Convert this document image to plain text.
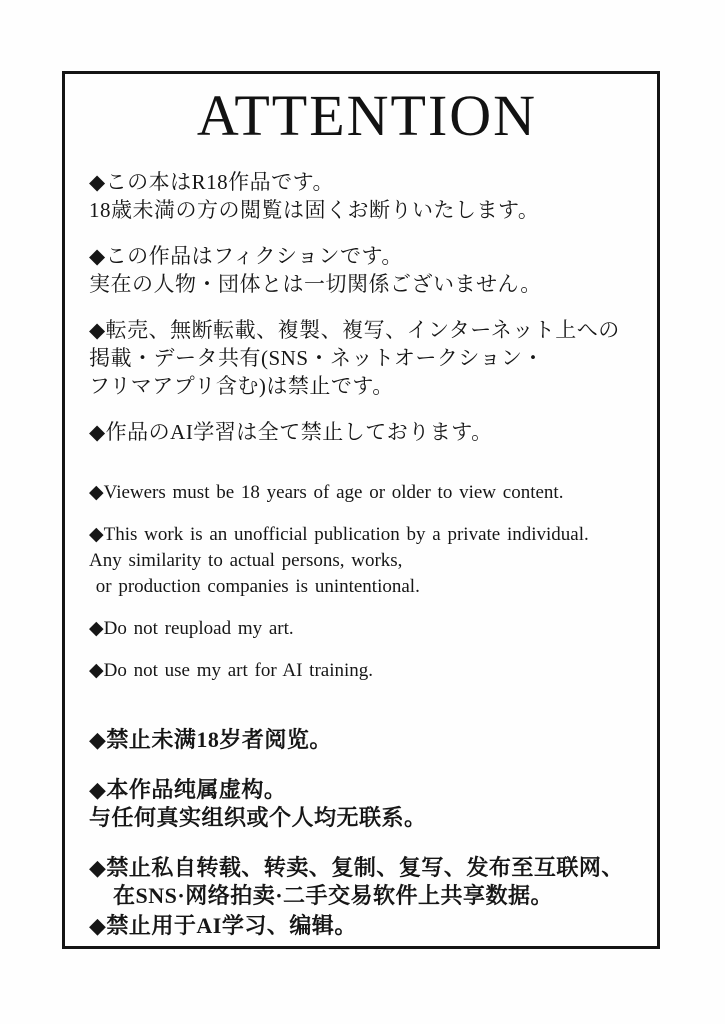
ATTENTION

◆この本はR18作品です。

18歳未満の方の閲覧は固くお断りいたします。

◆この作品はフィクションです。

実在の人物・団体とは一切関係ございません。

◆転売、無断転載、複製、複写、インターネット上への

掲載・データ共有(SNS・ネットオークション・

フリマアプリ含む)は禁止です。

◆作品のAI学習は全て禁止しております。

◆Viewers must be 18 years of age or older to view content.

◆This work is an unofficial publication by a private individual.

Any similarity to actual persons, works,

or production companies is unintentional.

◆Do not reupload my art.

◆Do not use my art for AI training.

◆禁止未满18岁者阅览。

◆本作品纯属虚构。

与任何真实组织或个人均无联系。

◆禁止私自转载、转卖、复制、复写、发布至互联网、

在SNS·网络拍卖·二手交易软件上共享数据。

◆禁止用于AI学习、编辑。
